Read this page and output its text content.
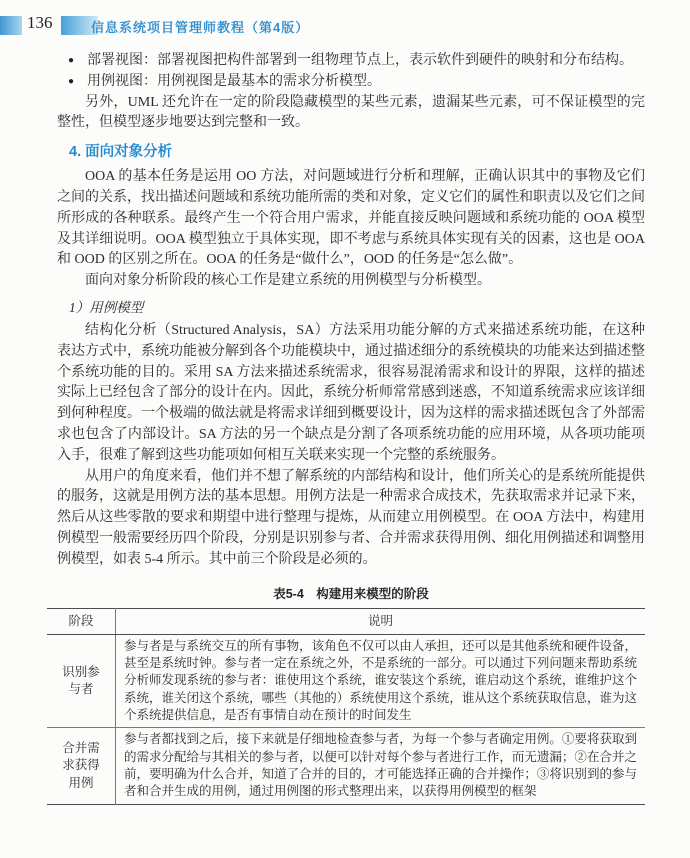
136	信息系统项目管理师教程（第4版）
● 部署视图：部署视图把构件部署到一组物理节点上，表示软件到硬件的映射和分布结构。
● 用例视图：用例视图是最基本的需求分析模型。

另外，UML 还允许在一定的阶段隐藏模型的某些元素，遗漏某些元素，可不保证模型的完整性，但模型逐步地要达到完整和一致。

4. 面向对象分析

OOA 的基本任务是运用 OO 方法，对问题域进行分析和理解，正确认识其中的事物及它们之间的关系，找出描述问题域和系统功能所需的类和对象，定义它们的属性和职责以及它们之间所形成的各种联系。最终产生一个符合用户需求，并能直接反映问题域和系统功能的 OOA 模型及其详细说明。OOA 模型独立于具体实现，即不考虑与系统具体实现有关的因素，这也是 OOA 和 OOD 的区别之所在。OOA 的任务是“做什么”，OOD 的任务是“怎么做”。

面向对象分析阶段的核心工作是建立系统的用例模型与分析模型。

1）用例模型

结构化分析（Structured Analysis，SA）方法采用功能分解的方式来描述系统功能，在这种表达方式中，系统功能被分解到各个功能模块中，通过描述细分的系统模块的功能来达到描述整个系统功能的目的。采用 SA 方法来描述系统需求，很容易混淆需求和设计的界限，这样的描述实际上已经包含了部分的设计在内。因此，系统分析师常常感到迷惑，不知道系统需求应该详细到何种程度。一个极端的做法就是将需求详细到概要设计，因为这样的需求描述既包含了外部需求也包含了内部设计。SA 方法的另一个缺点是分割了各项系统功能的应用环境，从各项功能项入手，很难了解到这些功能项如何相互关联来实现一个完整的系统服务。

从用户的角度来看，他们并不想了解系统的内部结构和设计，他们所关心的是系统所能提供的服务，这就是用例方法的基本思想。用例方法是一种需求合成技术，先获取需求并记录下来，然后从这些零散的要求和期望中进行整理与提炼，从而建立用例模型。在 OOA 方法中，构建用例模型一般需要经历四个阶段，分别是识别参与者、合并需求获得用例、细化用例描述和调整用例模型，如表 5-4 所示。其中前三个阶段是必须的。

表5-4　构建用来模型的阶段
阶段	说明
识别参与者	参与者是与系统交互的所有事物，该角色不仅可以由人承担，还可以是其他系统和硬件设备，甚至是系统时钟。参与者一定在系统之外，不是系统的一部分。可以通过下列问题来帮助系统分析师发现系统的参与者：谁使用这个系统，谁安装这个系统，谁启动这个系统，谁维护这个系统，谁关闭这个系统，哪些（其他的）系统使用这个系统，谁从这个系统获取信息，谁为这个系统提供信息，是否有事情自动在预计的时间发生
合并需求获得用例	参与者都找到之后，接下来就是仔细地检查参与者，为每一个参与者确定用例。①要将获取到的需求分配给与其相关的参与者，以便可以针对每个参与者进行工作，而无遗漏；②在合并之前，要明确为什么合并，知道了合并的目的，才可能选择正确的合并操作；③将识别到的参与者和合并生成的用例，通过用例图的形式整理出来，以获得用例模型的框架
